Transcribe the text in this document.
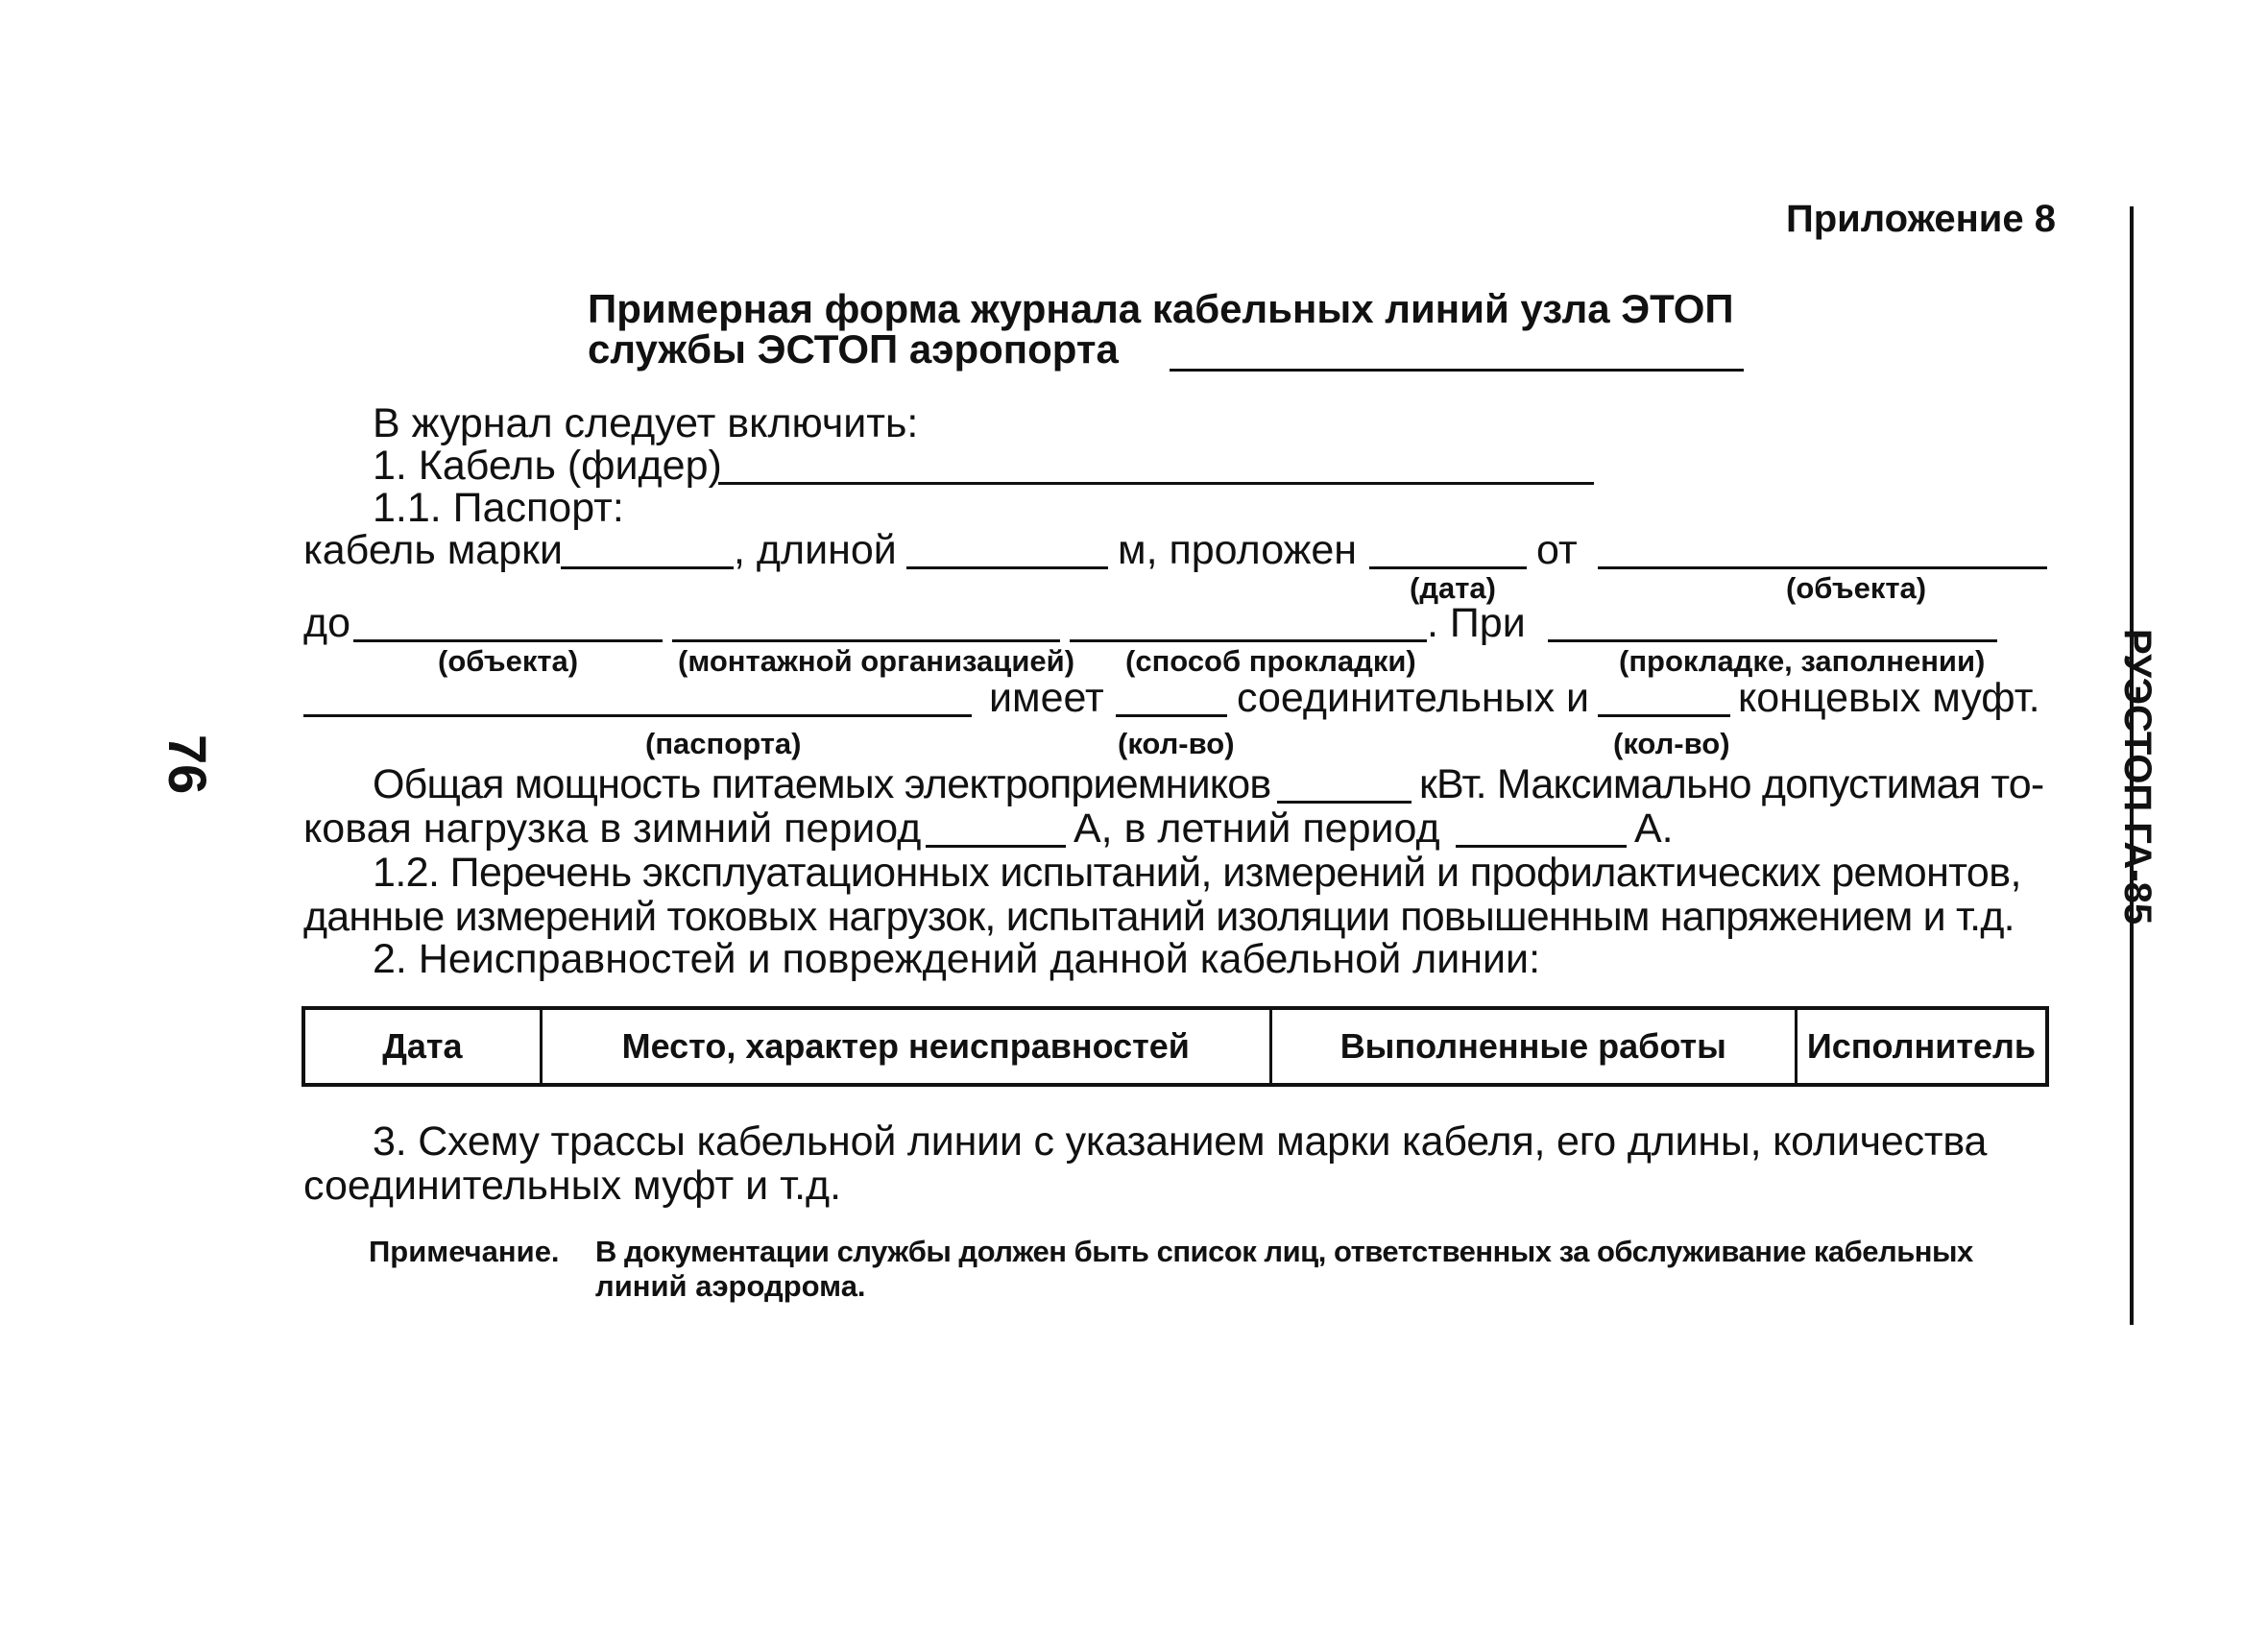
Приложение 8
РУЭСТОП ГА-85
76
Примерная форма журнала кабельных линий узла ЭТОП
службы ЭСТОП аэропорта
В журнал следует включить:
1. Кабель (фидер)
1.1. Паспорт:
кабель марки	, длиной	м, проложен	от
(дата)	(объекта)
до	. При
(объекта)	(монтажной организацией) (способ прокладки)	(прокладке, заполнении)
имеет	соединительных и	концевых муфт.
(паспорта)	(кол-во)	(кол-во)
Общая мощность питаемых электроприемников	кВт. Максимально допустимая то-
ковая нагрузка в зимний период	А, в летний период	А.
1.2. Перечень эксплуатационных испытаний, измерений и профилактических ремонтов,
данные измерений токовых нагрузок, испытаний изоляции повышенным напряжением и т.д.
2. Неисправностей и повреждений данной кабельной линии:
Дата	Место, характер неисправностей	Выполненные работы	Исполнитель
3. Схему трассы кабельной линии с указанием марки кабеля, его длины, количества
соединительных муфт и т.д.
Примечание. В документации службы должен быть список лиц, ответственных за обслуживание кабельных
линий аэродрома.
